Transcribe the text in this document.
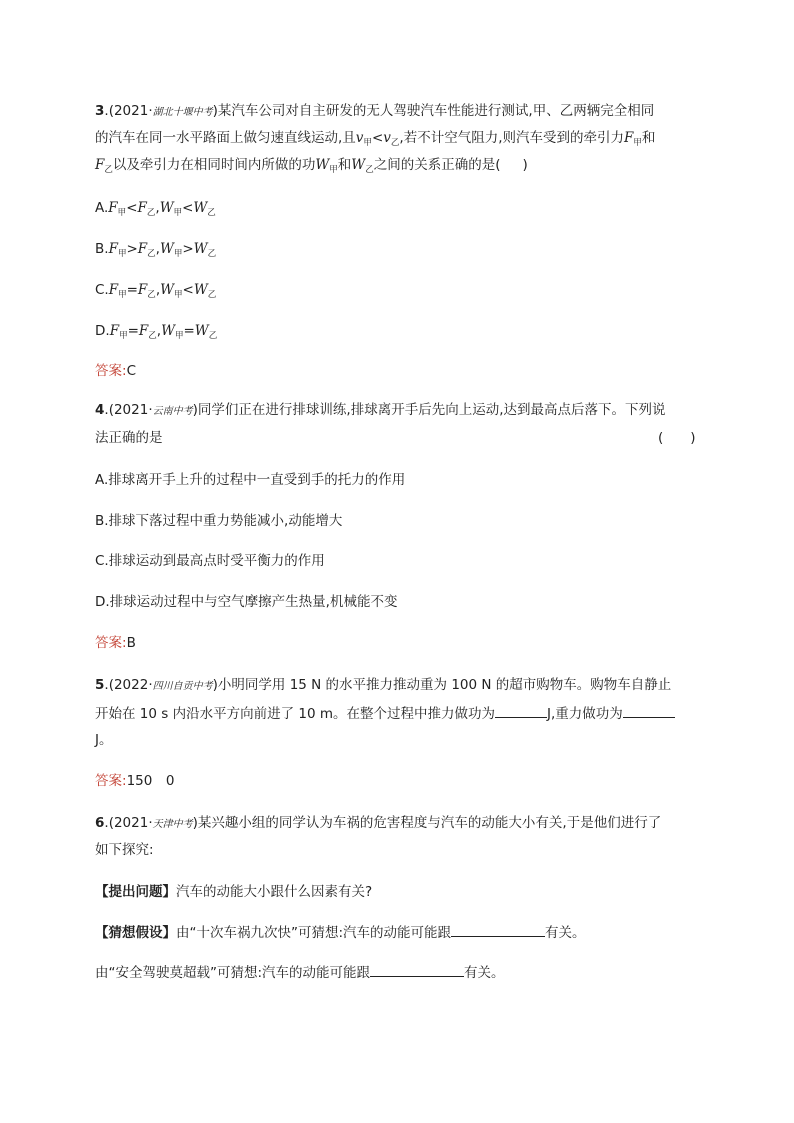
3.(2021·湖北十堰中考)某汽车公司对自主研发的无人驾驶汽车性能进行测试,甲、乙两辆完全相同
的汽车在同一水平路面上做匀速直线运动,且$v_甲<v_乙$,若不计空气阻力,则汽车受到的牵引力$F_甲$和
$F_乙$以及牵引力在相同时间内所做的功$W_甲$和$W_乙$之间的关系正确的是( )
$A.F_甲<F_乙,W_甲<W_乙$
$B.F_甲>F_乙,W_甲>W_乙$
$C.F_甲=F_乙,W_甲<W_乙$
$D.F_甲=F_乙,W_甲=W_乙$
答案:C
4.(2021·云南中考)同学们正在进行排球训练,排球离开手后先向上运动,达到最高点后落下。下列说
法正确的是	(　　)
A.排球离开手上升的过程中一直受到手的托力的作用
B.排球下落过程中重力势能减小,动能增大
C.排球运动到最高点时受平衡力的作用
D.排球运动过程中与空气摩擦产生热量,机械能不变
答案:B
5.(2022·四川自贡中考)小明同学用 15 N 的水平推力推动重为 100 N 的超市购物车。购物车自静止
开始在 10 s 内沿水平方向前进了 10 m。在整个过程中推力做功为	J,重力做功为
J。
答案:150　0
6.(2021·天津中考)某兴趣小组的同学认为车祸的危害程度与汽车的动能大小有关,于是他们进行了
如下探究:
【提出问题】汽车的动能大小跟什么因素有关?
【猜想假设】由“十次车祸九次快”可猜想:汽车的动能可能跟	有关。
由“安全驾驶莫超载”可猜想:汽车的动能可能跟	有关。
